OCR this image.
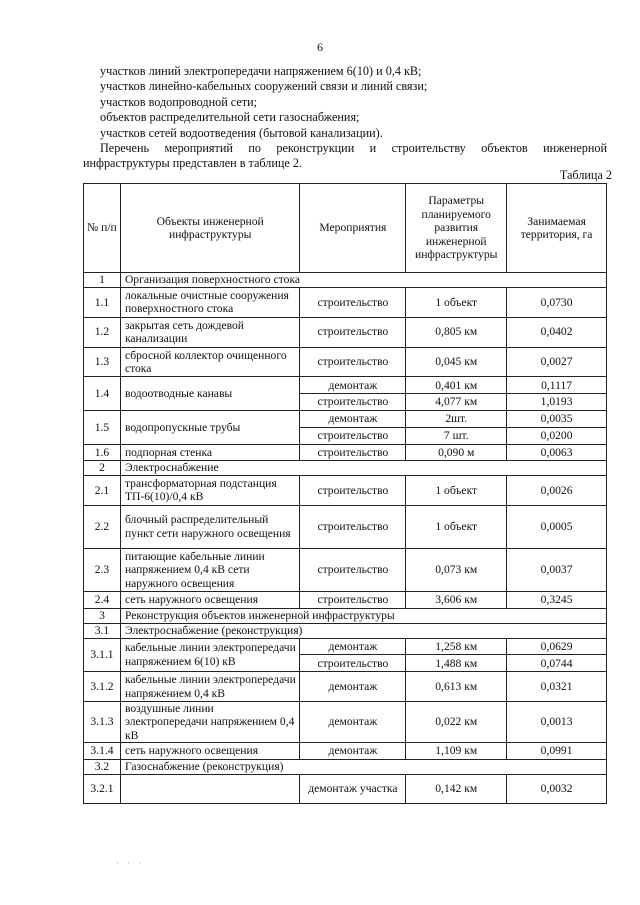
6
участков линий электропередачи напряжением 6(10) и 0,4 кВ;
участков линейно-кабельных сооружений связи и линий связи;
участков водопроводной сети;
объектов распределительной сети газоснабжения;
участков сетей водоотведения (бытовой канализации).
Перечень мероприятий по реконструкции и строительству объектов инженерной инфраструктуры представлен в таблице 2.
Таблица 2
№ п/п	Объекты инженерной инфраструктуры	Мероприятия	Параметры планируемого развития инженерной инфраструктуры	Занимаемая территория, га
1	Организация поверхностного стока			
1.1	локальные очистные сооружения поверхностного стока	строительство	1 объект	0,0730
1.2	закрытая сеть дождевой канализации	строительство	0,805 км	0,0402
1.3	сбросной коллектор очищенного стока	строительство	0,045 км	0,0027
1.4	водоотводные канавы	демонтаж	0,401 км	0,1117
		строительство	4,077 км	1,0193
1.5	водопропускные трубы	демонтаж	2шт.	0,0035
		строительство	7 шт.	0,0200
1.6	подпорная стенка	строительство	0,090 м	0,0063
2	Электроснабжение			
2.1	трансформаторная подстанция ТП-6(10)/0,4 кВ	строительство	1 объект	0,0026
2.2	блочный распределительный пункт сети наружного освещения	строительство	1 объект	0,0005
2.3	питающие кабельные линии напряжением 0,4 кВ сети наружного освещения	строительство	0,073 км	0,0037
2.4	сеть наружного освещения	строительство	3,606 км	0,3245
3	Реконструкция объектов инженерной инфраструктуры			
3.1	Электроснабжение (реконструкция)			
3.1.1	кабельные линии электропередачи напряжением 6(10) кВ	демонтаж	1,258 км	0,0629
		строительство	1,488 км	0,0744
3.1.2	кабельные линии электропередачи напряжением 0,4 кВ	демонтаж	0,613 км	0,0321
3.1.3	воздушные линии электропередачи напряжением 0,4 кВ	демонтаж	0,022 км	0,0013
3.1.4	сеть наружного освещения	демонтаж	1,109 км	0,0991
3.2	Газоснабжение (реконструкция)			
3.2.1		демонтаж участка	0,142 км	0,0032
· · ·
